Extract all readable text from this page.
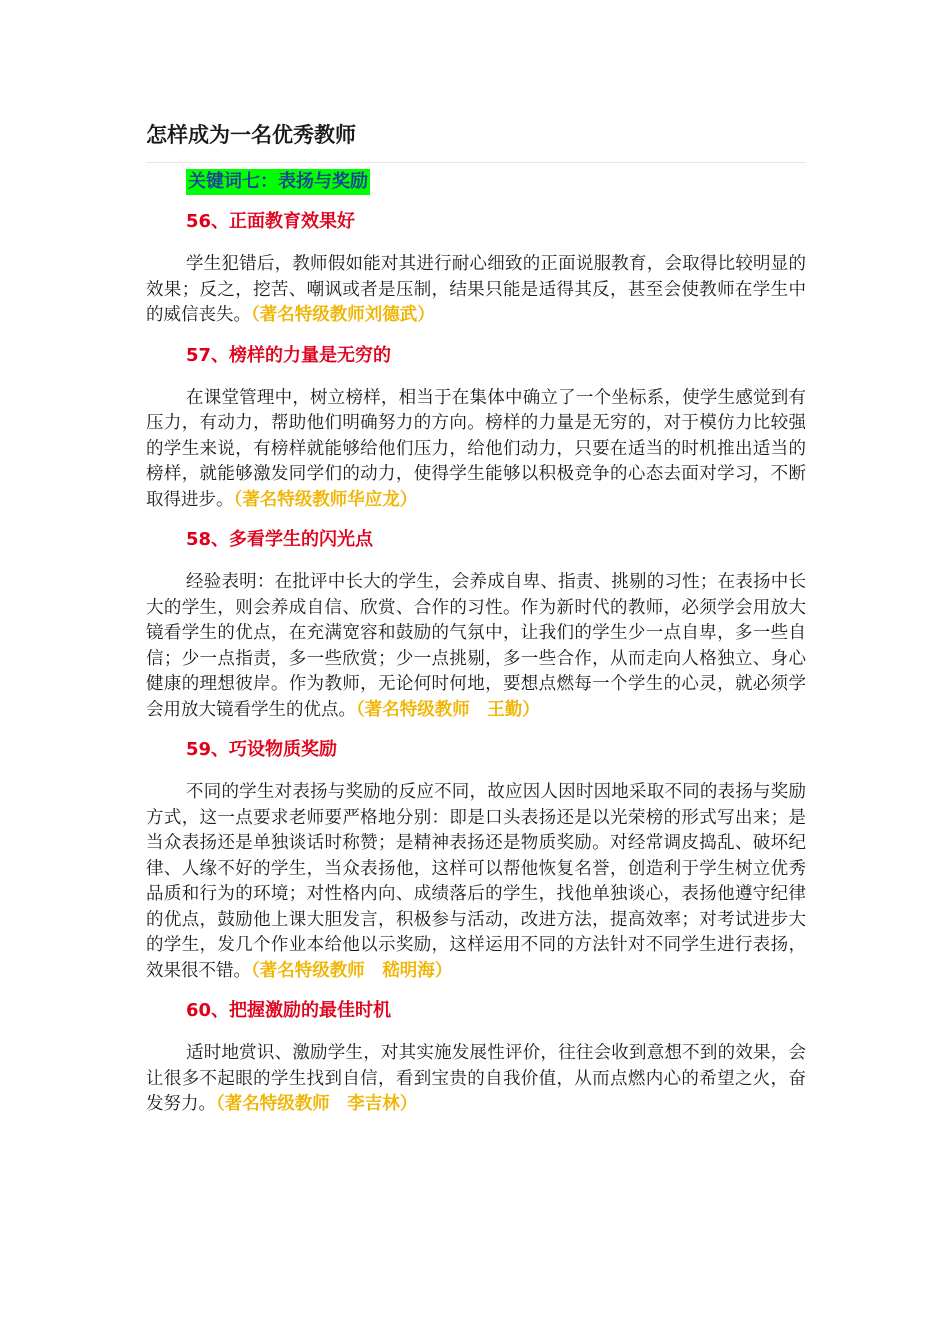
怎样成为一名优秀教师
关键词七：表扬与奖励
56、正面教育效果好

学生犯错后，教师假如能对其进行耐心细致的正面说服教育，会取得比较明显的效果；反之，挖苦、嘲讽或者是压制，结果只能是适得其反，甚至会使教师在学生中的威信丧失。（著名特级教师刘德武）

57、榜样的力量是无穷的

在课堂管理中，树立榜样，相当于在集体中确立了一个坐标系，使学生感觉到有压力，有动力，帮助他们明确努力的方向。榜样的力量是无穷的，对于模仿力比较强的学生来说，有榜样就能够给他们压力，给他们动力，只要在适当的时机推出适当的榜样，就能够激发同学们的动力，使得学生能够以积极竞争的心态去面对学习，不断取得进步。（著名特级教师华应龙）

58、多看学生的闪光点

经验表明：在批评中长大的学生，会养成自卑、指责、挑剔的习性；在表扬中长大的学生，则会养成自信、欣赏、合作的习性。作为新时代的教师，必须学会用放大镜看学生的优点，在充满宽容和鼓励的气氛中，让我们的学生少一点自卑，多一些自信；少一点指责，多一些欣赏；少一点挑剔，多一些合作，从而走向人格独立、身心健康的理想彼岸。作为教师，无论何时何地，要想点燃每一个学生的心灵，就必须学会用放大镜看学生的优点。（著名特级教师　王勤）

59、巧设物质奖励

不同的学生对表扬与奖励的反应不同，故应因人因时因地采取不同的表扬与奖励方式，这一点要求老师要严格地分别：即是口头表扬还是以光荣榜的形式写出来；是当众表扬还是单独谈话时称赞；是精神表扬还是物质奖励。对经常调皮捣乱、破坏纪律、人缘不好的学生，当众表扬他，这样可以帮他恢复名誉，创造利于学生树立优秀品质和行为的环境；对性格内向、成绩落后的学生，找他单独谈心，表扬他遵守纪律的优点，鼓励他上课大胆发言，积极参与活动，改进方法，提高效率；对考试进步大的学生，发几个作业本给他以示奖励，这样运用不同的方法针对不同学生进行表扬，效果很不错。（著名特级教师　嵇明海）

60、把握激励的最佳时机

适时地赏识、激励学生，对其实施发展性评价，往往会收到意想不到的效果，会让很多不起眼的学生找到自信，看到宝贵的自我价值，从而点燃内心的希望之火，奋发努力。（著名特级教师　李吉林）
